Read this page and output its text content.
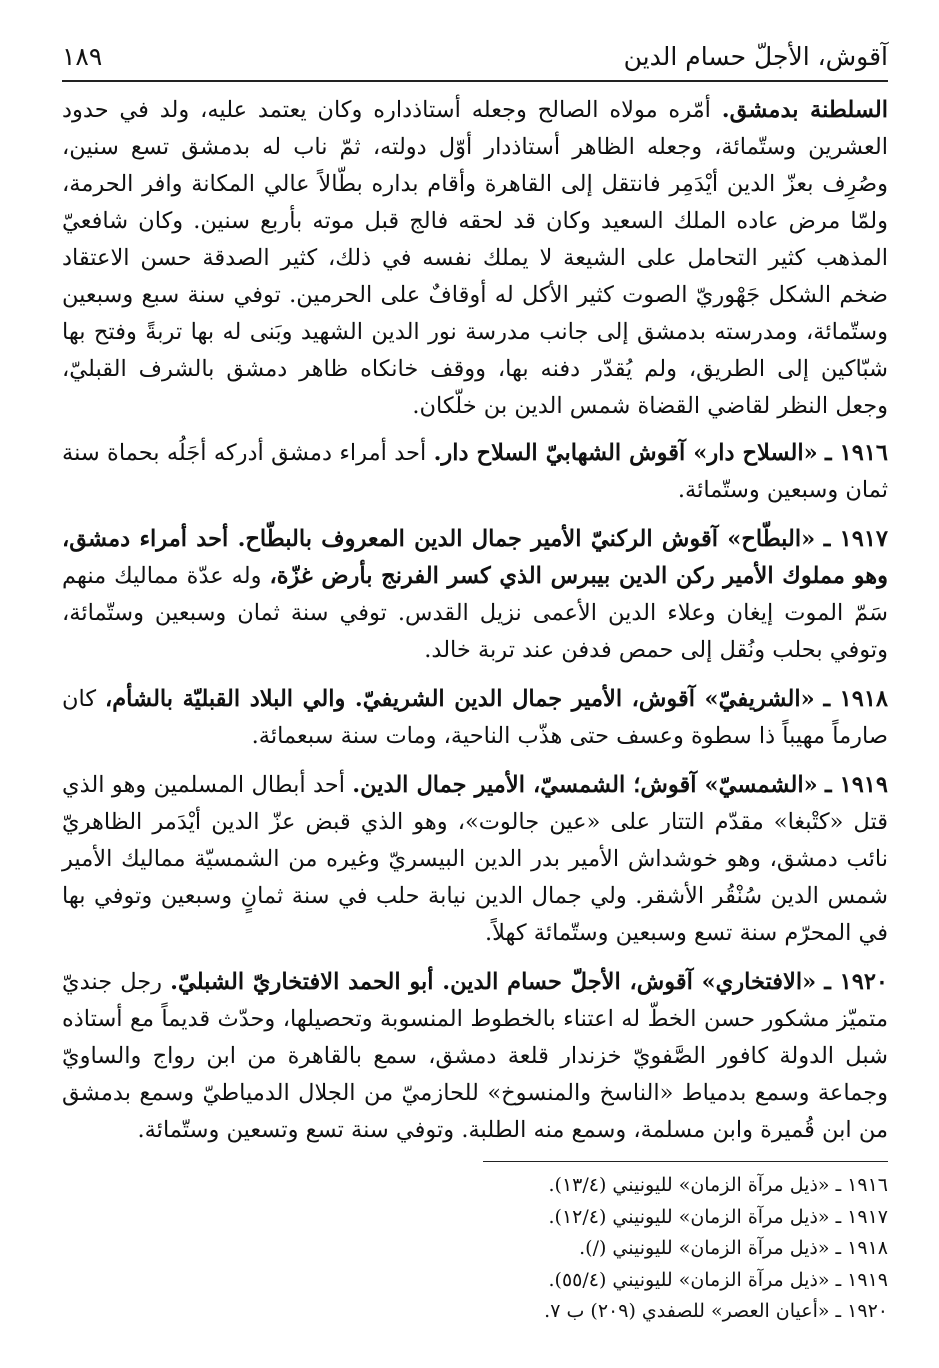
آقوش، الأجلّ حسام الدين
١٨٩

السلطنة بدمشق. أمّره مولاه الصالح وجعله أستاذداره وكان يعتمد عليه، ولد في حدود العشرين وستّمائة، وجعله الظاهر أستاذدار أوّل دولته، ثمّ ناب له بدمشق تسع سنين، وصُرِف بعزّ الدين أيْدَمِر فانتقل إلى القاهرة وأقام بداره بطّالاً عالي المكانة وافر الحرمة، ولمّا مرض عاده الملك السعيد وكان قد لحقه فالج قبل موته بأربع سنين. وكان شافعيّ المذهب كثير التحامل على الشيعة لا يملك نفسه في ذلك، كثير الصدقة حسن الاعتقاد ضخم الشكل جَهْوريّ الصوت كثير الأكل له أوقافٌ على الحرمين. توفي سنة سبع وسبعين وستّمائة، ومدرسته بدمشق إلى جانب مدرسة نور الدين الشهيد وبَنى له بها تربةً وفتح بها شبّاكين إلى الطريق، ولم يُقدّر دفنه بها، ووقف خانكاه ظاهر دمشق بالشرف القبليّ، وجعل النظر لقاضي القضاة شمس الدين بن خلّكان.

١٩١٦ ـ «السلاح دار» آقوش الشهابيّ السلاح دار. أحد أمراء دمشق أدركه أجَلُه بحماة سنة ثمان وسبعين وستّمائة.

١٩١٧ ـ «البطّاح» آقوش الركنيّ الأمير جمال الدين المعروف بالبطّاح. أحد أمراء دمشق، وهو مملوك الأمير ركن الدين بيبرس الذي كسر الفرنج بأرض غزّة، وله عدّة مماليك منهم سَمّ الموت إيغان وعلاء الدين الأعمى نزيل القدس. توفي سنة ثمان وسبعين وستّمائة، وتوفي بحلب ونُقل إلى حمص فدفن عند تربة خالد.

١٩١٨ ـ «الشريفيّ» آقوش، الأمير جمال الدين الشريفيّ. والي البلاد القبليّة بالشأم، كان صارماً مهيباً ذا سطوة وعسف حتى هذّب الناحية، ومات سنة سبعمائة.

١٩١٩ ـ «الشمسيّ» آقوش؛ الشمسيّ، الأمير جمال الدين. أحد أبطال المسلمين وهو الذي قتل «كتْبغا» مقدّم التتار على «عين جالوت»، وهو الذي قبض عزّ الدين أيْدَمر الظاهريّ نائب دمشق، وهو خوشداش الأمير بدر الدين البيسريّ وغيره من الشمسيّة مماليك الأمير شمس الدين سُنْقُر الأشقر. ولي جمال الدين نيابة حلب في سنة ثمانٍ وسبعين وتوفي بها في المحرّم سنة تسع وسبعين وستّمائة كهلاً.

١٩٢٠ ـ «الافتخاري» آقوش، الأجلّ حسام الدين. أبو الحمد الافتخاريّ الشبليّ. رجل جنديّ متميّز مشكور حسن الخطّ له اعتناء بالخطوط المنسوبة وتحصيلها، وحدّث قديماً مع أستاذه شبل الدولة كافور الصَّفويّ خزندار قلعة دمشق، سمع بالقاهرة من ابن رواج والساويّ وجماعة وسمع بدمياط «الناسخ والمنسوخ» للحازميّ من الجلال الدمياطيّ وسمع بدمشق من ابن قُميرة وابن مسلمة، وسمع منه الطلبة. وتوفي سنة تسع وتسعين وستّمائة.

١٩١٦ ـ «ذيل مرآة الزمان» لليونيني (١٣/٤).
١٩١٧ ـ «ذيل مرآة الزمان» لليونيني (١٢/٤).
١٩١٨ ـ «ذيل مرآة الزمان» لليونيني (/).
١٩١٩ ـ «ذيل مرآة الزمان» لليونيني (٥٥/٤).
١٩٢٠ ـ «أعيان العصر» للصفدي (٢٠٩) ب ٧.
